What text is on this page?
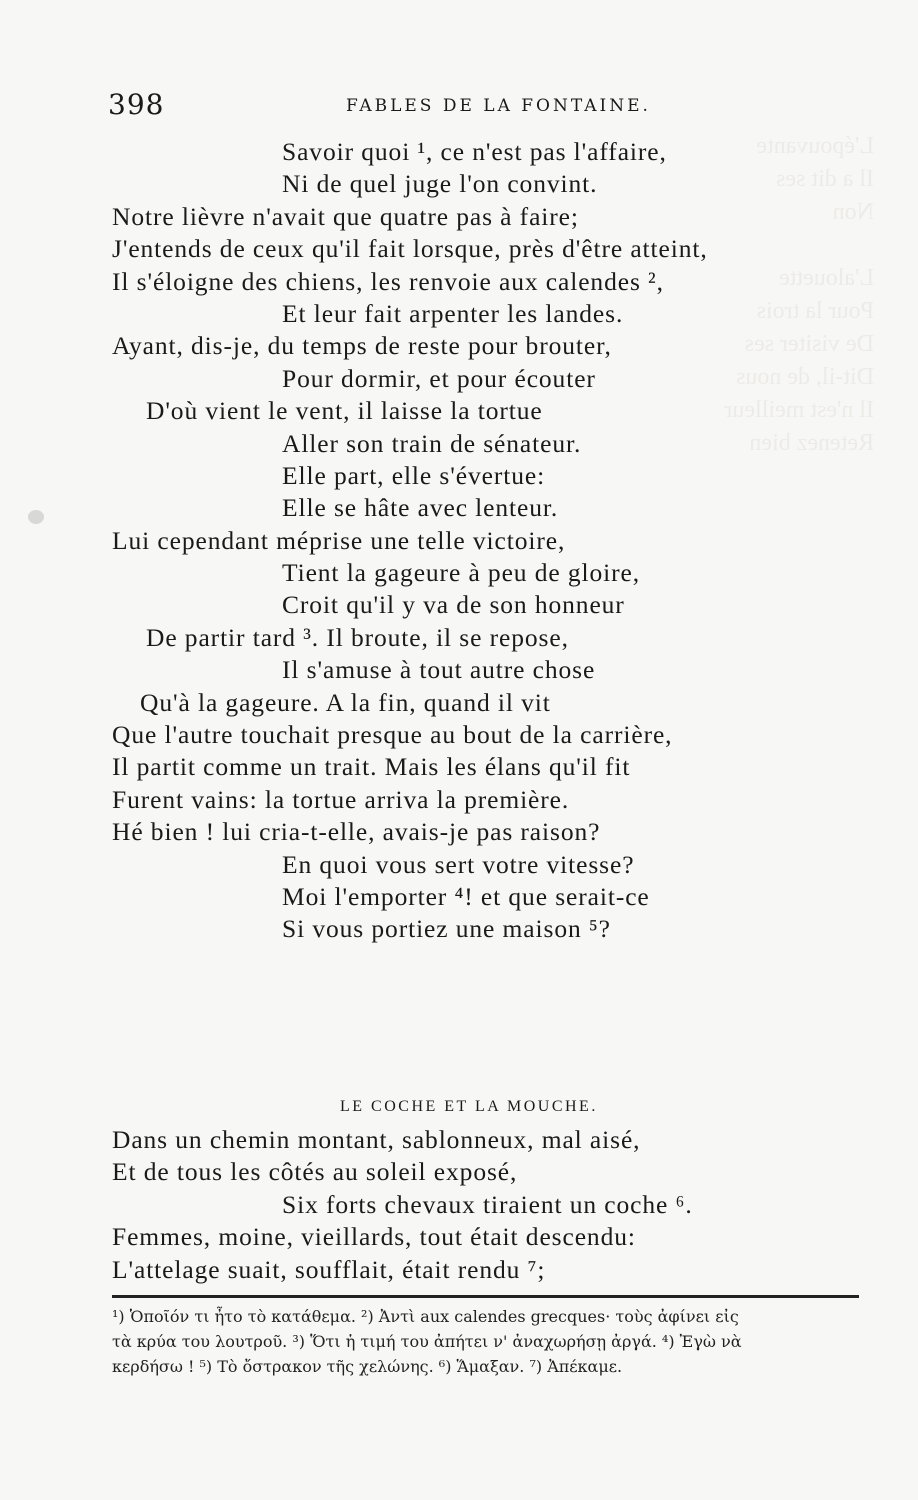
L'épouvante
Il a dit ses
Non

L'alouette
Pour la trois
De visiter ses
Dit-il, de nous
Il n'est meilleur
Retenez bien
398	FABLES DE LA FONTAINE.
Savoir quoi ¹, ce n'est pas l'affaire,
Ni de quel juge l'on convint.
Notre lièvre n'avait que quatre pas à faire;
J'entends de ceux qu'il fait lorsque, près d'être atteint,
Il s'éloigne des chiens, les renvoie aux calendes ²,
Et leur fait arpenter les landes.
Ayant, dis-je, du temps de reste pour brouter,
Pour dormir, et pour écouter
D'où vient le vent, il laisse la tortue
Aller son train de sénateur.
Elle part, elle s'évertue:
Elle se hâte avec lenteur.
Lui cependant méprise une telle victoire,
Tient la gageure à peu de gloire,
Croit qu'il y va de son honneur
De partir tard ³. Il broute, il se repose,
Il s'amuse à tout autre chose
Qu'à la gageure. A la fin, quand il vit
Que l'autre touchait presque au bout de la carrière,
Il partit comme un trait. Mais les élans qu'il fit
Furent vains: la tortue arriva la première.
Hé bien ! lui cria-t-elle, avais-je pas raison?
En quoi vous sert votre vitesse?
Moi l'emporter ⁴! et que serait-ce
Si vous portiez une maison ⁵?
LE COCHE ET LA MOUCHE.
Dans un chemin montant, sablonneux, mal aisé,
Et de tous les côtés au soleil exposé,
Six forts chevaux tiraient un coche ⁶.
Femmes, moine, vieillards, tout était descendu:
L'attelage suait, soufflait, était rendu ⁷;
¹) Ὁποῖόν τι ἦτο τὸ κατάθεμα. ²) Ἀντὶ aux calendes grecques· τοὺς ἀφίνει εἰς
τὰ κρύα του λουτροῦ. ³) Ὅτι ἡ τιμή του ἀπήτει ν' ἀναχωρήσῃ ἀργά. ⁴) Ἐγὼ νὰ
κερδήσω ! ⁵) Τὸ ὄστρακον τῆς χελώνης. ⁶) Ἅμαξαν. ⁷) Ἀπέκαμε.
